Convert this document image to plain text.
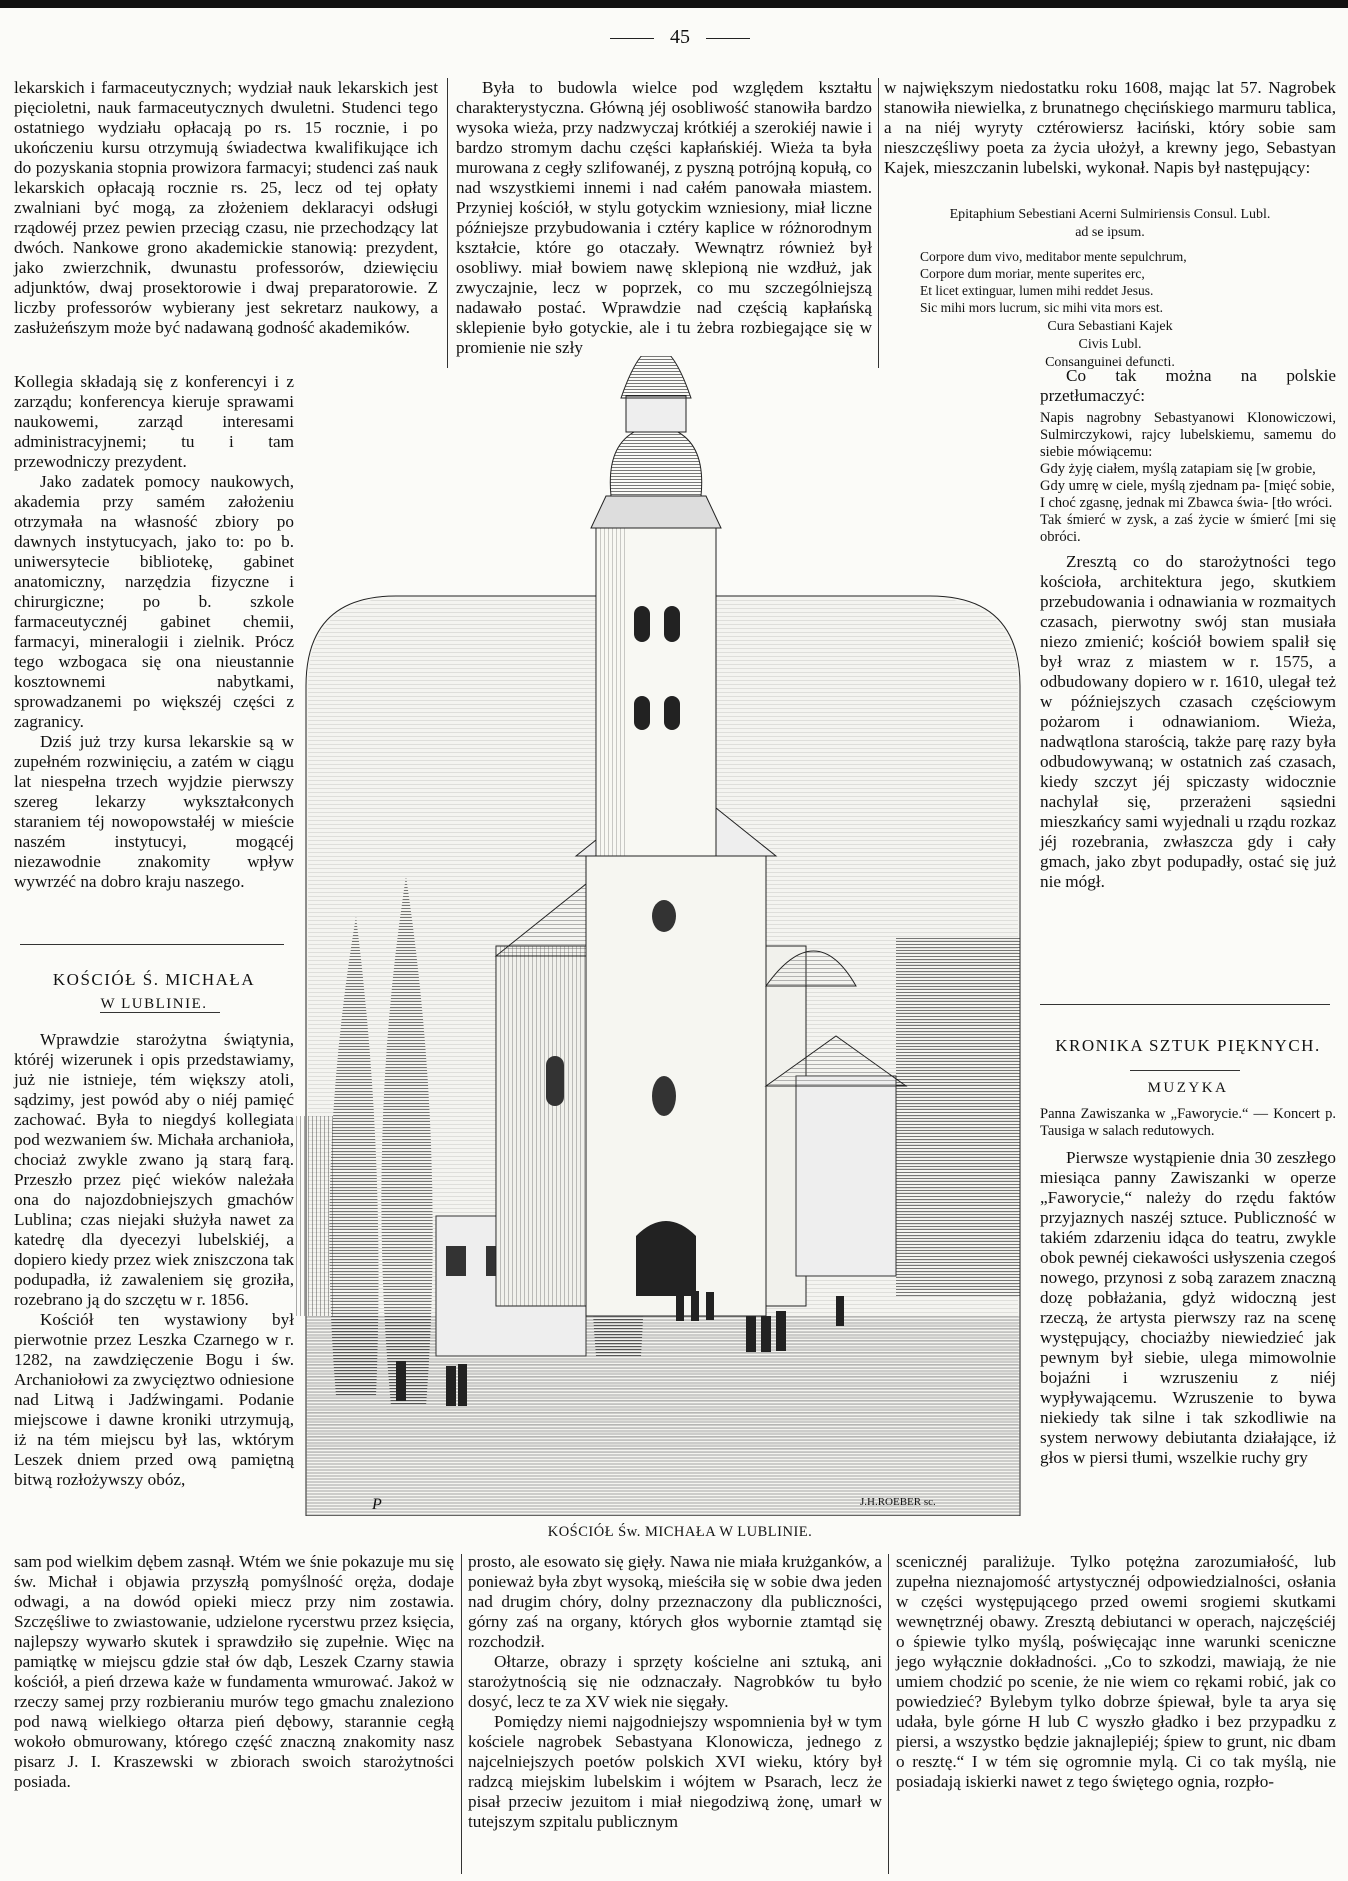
45

lekarskich i farmaceutycznych; wydział nauk lekarskich jest pięcioletni, nauk farmaceutycznych dwuletni. Studenci tego ostatniego wydziału opłacają po rs. 15 rocznie, i po ukończeniu kursu otrzymują świadectwa kwalifikujące ich do pozyskania stopnia prowizora farmacyi; studenci zaś nauk lekarskich opłacają rocznie rs. 25, lecz od tej opłaty zwalniani być mogą, za złożeniem deklaracyi odsługi rządowéj przez pewien przeciąg czasu, nie przechodzący lat dwóch. Nankowe grono akademickie stanowią: prezydent, jako zwierzchnik, dwunastu professorów, dziewięciu adjunktów, dwaj prosektorowie i dwaj preparatorowie. Z liczby professorów wybierany jest sekretarz naukowy, a zasłużeńszym może być nadawaną godność akademików.

Kollegia składają się z konferencyi i z zarządu; konferencya kieruje sprawami naukowemi, zarząd interesami administracyjnemi; tu i tam przewodniczy prezydent.

Jako zadatek pomocy naukowych, akademia przy samém założeniu otrzymała na własność zbiory po dawnych instytucyach, jako to: po b. uniwersytecie bibliotekę, gabinet anatomiczny, narzędzia fizyczne i chirurgiczne; po b. szkole farmaceutycznéj gabinet chemii, farmacyi, mineralogii i zielnik. Prócz tego wzbogaca się ona nieustannie kosztownemi nabytkami, sprowadzanemi po większéj części z zagranicy.

Dziś już trzy kursa lekarskie są w zupełném rozwinięciu, a zatém w ciągu lat niespełna trzech wyjdzie pierwszy szereg lekarzy wykształconych staraniem téj nowopowstałéj w mieście naszém instytucyi, mogącéj niezawodnie znakomity wpływ wywrzéć na dobro kraju naszego.

KOŚCIÓŁ Ś. MICHAŁA

W LUBLINIE.

Wprawdzie starożytna świątynia, któréj wizerunek i opis przedstawiamy, już nie istnieje, tém większy atoli, sądzimy, jest powód aby o niéj pamięć zachować. Była to niegdyś kollegiata pod wezwaniem św. Michała archanioła, chociaż zwykle zwano ją starą farą. Przeszło przez pięć wieków należała ona do najozdobniejszych gmachów Lublina; czas niejaki służyła nawet za katedrę dla dyecezyi lubelskiéj, a dopiero kiedy przez wiek zniszczona tak podupadła, iż zawaleniem się groziła, rozebrano ją do szczętu w r. 1856.

Kościół ten wystawiony był pierwotnie przez Leszka Czarnego w r. 1282, na zawdzięczenie Bogu i św. Archaniołowi za zwycięztwo odniesione nad Litwą i Jadźwingami. Podanie miejscowe i dawne kroniki utrzymują, iż na tém miejscu był las, wktórym Leszek dniem przed ową pamiętną bitwą rozłożywszy obóz,

sam pod wielkim dębem zasnął. Wtém we śnie pokazuje mu się św. Michał i objawia przyszłą pomyślność oręża, dodaje odwagi, a na dowód opieki miecz przy nim zostawia. Szczęśliwe to zwiastowanie, udzielone rycerstwu przez księcia, najlepszy wywarło skutek i sprawdziło się zupełnie. Więc na pamiątkę w miejscu gdzie stał ów dąb, Leszek Czarny stawia kościół, a pień drzewa każe w fundamenta wmurować. Jakoż w rzeczy samej przy rozbieraniu murów tego gmachu znaleziono pod nawą wielkiego ołtarza pień dębowy, starannie cegłą wokoło obmurowany, którego część znaczną znakomity nasz pisarz J. I. Kraszewski w zbiorach swoich starożytności posiada.

Była to budowla wielce pod względem kształtu charakterystyczna. Główną jéj osobliwość stanowiła bardzo wysoka wieża, przy nadzwyczaj krótkiéj a szerokiéj nawie i bardzo stromym dachu części kapłańskiéj. Wieża ta była murowana z cegły szlifowanéj, z pyszną potrójną kopułą, co nad wszystkiemi innemi i nad całém panowała miastem. Przyniej kościół, w stylu gotyckim wzniesiony, miał liczne późniejsze przybudowania i cztéry kaplice w różnorodnym kształcie, które go otaczały. Wewnątrz również był osobliwy. miał bowiem nawę sklepioną nie wzdłuż, jak zwyczajnie, lecz w poprzek, co mu szczególniejszą nadawało postać. Wprawdzie nad częścią kapłańską sklepienie było gotyckie, ale i tu żebra rozbiegające się w promienie nie szły

prosto, ale esowato się gięły. Nawa nie miała krużganków, a ponieważ była zbyt wysoką, mieściła się w sobie dwa jeden nad drugim chóry, dolny przeznaczony dla publiczności, górny zaś na organy, których głos wybornie ztamtąd się rozchodził.

Ołtarze, obrazy i sprzęty kościelne ani sztuką, ani starożytnością się nie odznaczały. Nagrobków tu było dosyć, lecz te za XV wiek nie sięgały.

Pomiędzy niemi najgodniejszy wspomnienia był w tym kościele nagrobek Sebastyana Klonowicza, jednego z najcelniejszych poetów polskich XVI wieku, który był radzcą miejskim lubelskim i wójtem w Psarach, lecz że pisał przeciw jezuitom i miał niegodziwą żonę, umarł w tutejszym szpitalu publicznym

w największym niedostatku roku 1608, mając lat 57. Nagrobek stanowiła niewielka, z brunatnego chęcińskiego marmuru tablica, a na niéj wyryty cztérowiersz łaciński, który sobie sam nieszczęśliwy poeta za życia ułożył, a krewny jego, Sebastyan Kajek, mieszczanin lubelski, wykonał. Napis był następujący:

Epitaphium Sebestiani Acerni Sulmiriensis Consul. Lubl.
ad se ipsum.
Corpore dum vivo, meditabor mente sepulchrum,
Corpore dum moriar, mente superites erc,
Et licet extinguar, lumen mihi reddet Jesus.
Sic mihi mors lucrum, sic mihi vita mors est.
Cura Sebastiani Kajek
Civis Lubl.
Consanguinei defuncti.

Co tak można na polskie przetłumaczyć:

Napis nagrobny Sebastyanowi Klonowiczowi, Sulmirczykowi, rajcy lubelskiemu, samemu do siebie mówiącemu:
Gdy żyję ciałem, myślą zatapiam się [w grobie,
Gdy umrę w ciele, myślą zjednam pa- [mięć sobie,
I choć zgasnę, jednak mi Zbawca świa- [tło wróci.
Tak śmierć w zysk, a zaś życie w śmierć [mi się obróci.

Zresztą co do starożytności tego kościoła, architektura jego, skutkiem przebudowania i odnawiania w rozmaitych czasach, pierwotny swój stan musiała niezo zmienić; kościół bowiem spalił się był wraz z miastem w r. 1575, a odbudowany dopiero w r. 1610, ulegał też w późniejszych czasach częściowym pożarom i odnawianiom. Wieża, nadwątlona starością, także parę razy była odbudowywaną; w ostatnich zaś czasach, kiedy szczyt jéj spiczasty widocznie nachylał się, przerażeni sąsiedni mieszkańcy sami wyjednali u rządu rozkaz jéj rozebrania, zwłaszcza gdy i cały gmach, jako zbyt podupadły, ostać się już nie mógł.

KRONIKA SZTUK PIĘKNYCH.

MUZYKA

Panna Zawiszanka w „Faworycie.“ — Koncert p. Tausiga w salach redutowych.

Pierwsze wystąpienie dnia 30 zeszłego miesiąca panny Zawiszanki w operze „Faworycie,“ należy do rzędu faktów przyjaznych naszéj sztuce. Publiczność w takiém zdarzeniu idąca do teatru, zwykle obok pewnéj ciekawości usłyszenia czegoś nowego, przynosi z sobą zarazem znaczną dozę pobłażania, gdyż widoczną jest rzeczą, że artysta pierwszy raz na scenę występujący, chociażby niewiedzieć jak pewnym był siebie, ulega mimowolnie bojaźni i wzruszeniu z niéj wypływającemu. Wzruszenie to bywa niekiedy tak silne i tak szkodliwie na system nerwowy debiutanta działające, iż głos w piersi tłumi, wszelkie ruchy gry

scenicznéj paraliżuje. Tylko potężna zarozumiałość, lub zupełna nieznajomość artystycznéj odpowiedzialności, osłania w części występującego przed owemi srogiemi skutkami wewnętrznéj obawy. Zresztą debiutanci w operach, najczęściéj o śpiewie tylko myślą, poświęcając inne warunki sceniczne jego wyłącznie dokładności. „Co to szkodzi, mawiają, że nie umiem chodzić po scenie, że nie wiem co rękami robić, jak co powiedzieć? Bylebym tylko dobrze śpiewał, byle ta arya się udała, byle górne H lub C wyszło gładko i bez przypadku z piersi, a wszystko będzie jaknajlepiéj; śpiew to grunt, nic dbam o resztę.“ I w tém się ogromnie mylą. Ci co tak myślą, nie posiadają iskierki nawet z tego świętego ognia, rozpło-

P	J.H.ROEBER sc.
KOŚCIÓŁ Św. MICHAŁA W LUBLINIE.
